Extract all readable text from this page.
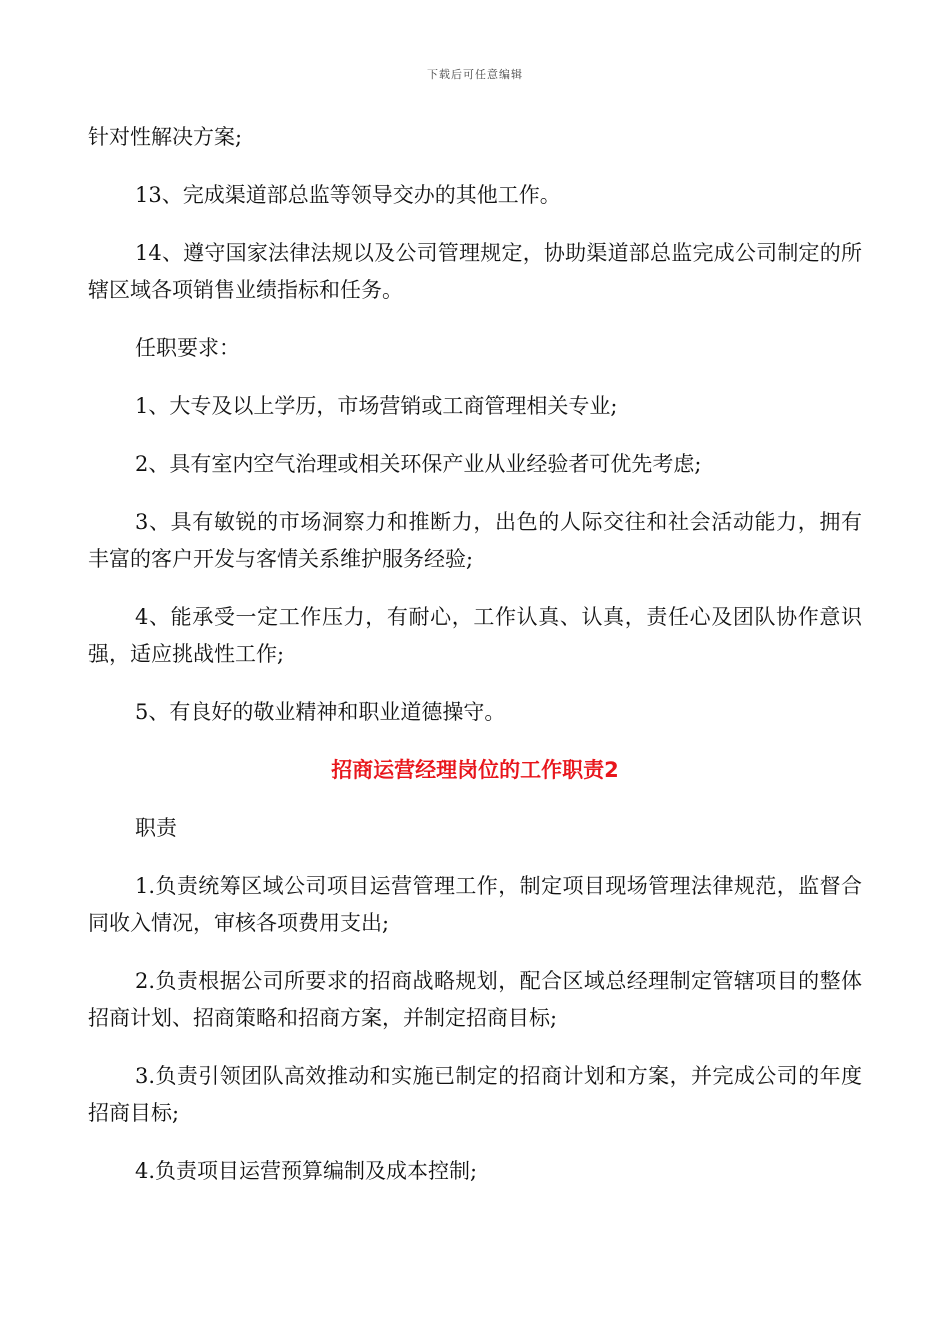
下载后可任意编辑

针对性解决方案;

13、完成渠道部总监等领导交办的其他工作。

14、遵守国家法律法规以及公司管理规定，协助渠道部总监完成公司制定的所辖区域各项销售业绩指标和任务。

任职要求：

1、大专及以上学历，市场营销或工商管理相关专业;

2、具有室内空气治理或相关环保产业从业经验者可优先考虑;

3、具有敏锐的市场洞察力和推断力，出色的人际交往和社会活动能力，拥有丰富的客户开发与客情关系维护服务经验;

4、能承受一定工作压力，有耐心，工作认真、认真，责任心及团队协作意识强，适应挑战性工作;

5、有良好的敬业精神和职业道德操守。

招商运营经理岗位的工作职责2

职责

1.负责统筹区域公司项目运营管理工作，制定项目现场管理法律规范，监督合同收入情况，审核各项费用支出;

2.负责根据公司所要求的招商战略规划，配合区域总经理制定管辖项目的整体招商计划、招商策略和招商方案，并制定招商目标;

3.负责引领团队高效推动和实施已制定的招商计划和方案，并完成公司的年度招商目标;

4.负责项目运营预算编制及成本控制;
